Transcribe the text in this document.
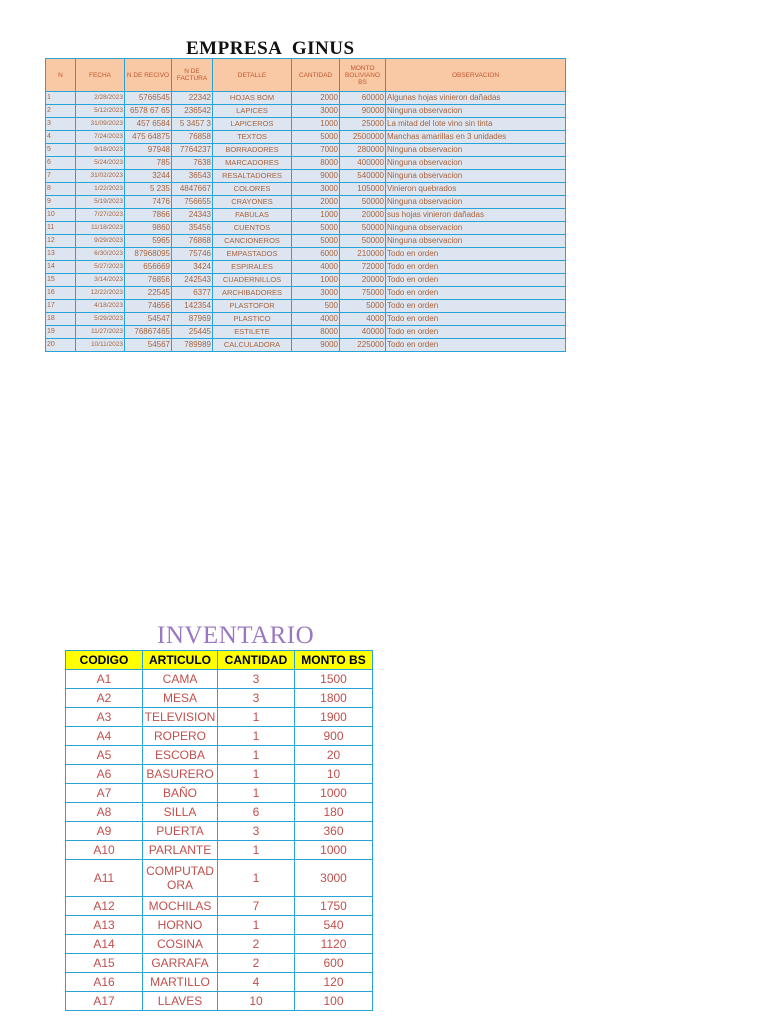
EMPRESA  GINUS
N	FECHA	N DE RECIVO	N DE FACTURA	DETALLE	CANTIDAD	MONTO BOLIVIANO BS	OBSERVACION
1	2/28/2023	5766545	22342	HOJAS BOM	2000	60000	Algunas hojas vinieron dañadas
2	5/12/2023	6578 67 65	236542	LAPICES	3000	90000	Ninguna observacion
3	31/09/2023	457 6584	5 3457 3	LAPICEROS	1000	25000	La mitad del lote vino sin tinta
4	7/24/2023	475 64875	76858	TEXTOS	5000	2500000	Manchas amarillas en 3 unidades
5	9/18/2023	97948	7764237	BORRADORES	7000	280000	Ninguna observacion
6	5/24/2023	785	7638	MARCADORES	8000	400000	Ninguna observacion
7	31/02/2023	3244	36543	RESALTADORES	9000	540000	Ninguna observacion
8	1/22/2023	5 235	4847667	COLORES	3000	105000	Vinieron quebrados
9	5/19/2023	7476	756655	CRAYONES	2000	50000	Ninguna observacion
10	7/27/2023	7866	24343	FABULAS	1000	20000	sus hojas vinieron dañadas
11	11/18/2023	9860	35456	CUENTOS	5000	50000	Ninguna observacion
12	9/29/2023	5965	76868	CANCIONEROS	5000	50000	Ninguna observacion
13	6/30/2023	87968095	75746	EMPASTADOS	6000	210000	Todo en orden
14	5/27/2023	656669	3424	ESPIRALES	4000	72000	Todo en orden
15	3/14/2023	76856	242543	CUADERNILLOS	1000	20000	Todo en orden
16	12/22/2023	22545	6377	ARCHIBADORES	3000	75000	Todo en orden
17	4/18/2023	74656	142354	PLASTOFOR	500	5000	Todo en orden
18	5/29/2023	54547	87969	PLASTICO	4000	4000	Todo en orden
19	11/27/2023	76867465	25445	ESTILETE	8000	40000	Todo en orden
20	10/11/2023	54567	789989	CALCULADORA	9000	225000	Todo en orden
INVENTARIO
CODIGO	ARTICULO	CANTIDAD	MONTO BS
A1	CAMA	3	1500
A2	MESA	3	1800
A3	TELEVISION	1	1900
A4	ROPERO	1	900
A5	ESCOBA	1	20
A6	BASURERO	1	10
A7	BAÑO	1	1000
A8	SILLA	6	180
A9	PUERTA	3	360
A10	PARLANTE	1	1000
A11	COMPUTAD ORA	1	3000
A12	MOCHILAS	7	1750
A13	HORNO	1	540
A14	COSINA	2	1120
A15	GARRAFA	2	600
A16	MARTILLO	4	120
A17	LLAVES	10	100
